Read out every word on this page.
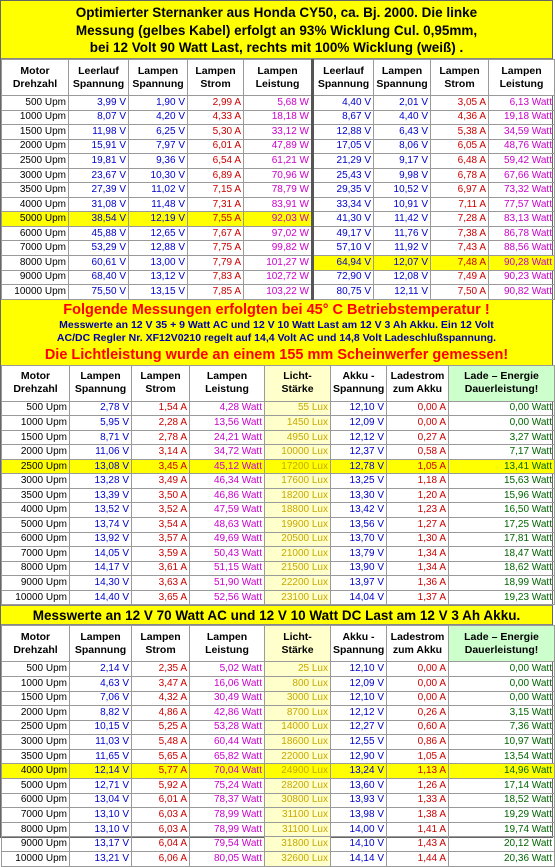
Optimierter Sternanker aus Honda CY50, ca. Bj. 2000. Die linke
Messung (gelbes Kabel) erfolgt an 93% Wicklung Cul. 0,95mm,
bei 12 Volt 90 Watt Last, rechts mit 100% Wicklung (weiß) .
Motor Drehzahl	Leerlauf Spannung	Lampen Spannung	Lampen Strom	Lampen Leistung	Leerlauf Spannung	Lampen Spannung	Lampen Strom	Lampen Leistung
500 Upm	3,99 V	1,90 V	2,99 A	5,68 W	4,40 V	2,01 V	3,05 A	6,13 Watt
1000 Upm	8,07 V	4,20 V	4,33 A	18,18 W	8,67 V	4,40 V	4,36 A	19,18 Watt
1500 Upm	11,98 V	6,25 V	5,30 A	33,12 W	12,88 V	6,43 V	5,38 A	34,59 Watt
2000 Upm	15,91 V	7,97 V	6,01 A	47,89 W	17,05 V	8,06 V	6,05 A	48,76 Watt
2500 Upm	19,81 V	9,36 V	6,54 A	61,21 W	21,29 V	9,17 V	6,48 A	59,42 Watt
3000 Upm	23,67 V	10,30 V	6,89 A	70,96 W	25,43 V	9,98 V	6,78 A	67,66 Watt
3500 Upm	27,39 V	11,02 V	7,15 A	78,79 W	29,35 V	10,52 V	6,97 A	73,32 Watt
4000 Upm	31,08 V	11,48 V	7,31 A	83,91 W	33,34 V	10,91 V	7,11 A	77,57 Watt
5000 Upm	38,54 V	12,19 V	7,55 A	92,03 W	41,30 V	11,42 V	7,28 A	83,13 Watt
6000 Upm	45,88 V	12,65 V	7,67 A	97,02 W	49,17 V	11,76 V	7,38 A	86,78 Watt
7000 Upm	53,29 V	12,88 V	7,75 A	99,82 W	57,10 V	11,92 V	7,43 A	88,56 Watt
8000 Upm	60,61 V	13,00 V	7,79 A	101,27 W	64,94 V	12,07 V	7,48 A	90,28 Watt
9000 Upm	68,40 V	13,12 V	7,83 A	102,72 W	72,90 V	12,08 V	7,49 A	90,23 Watt
10000 Upm	75,50 V	13,15 V	7,85 A	103,22 W	80,75 V	12,11 V	7,50 A	90,82 Watt
Folgende Messungen erfolgten bei 45° C Betriebstemperatur !
Messwerte an 12 V 35 + 9 Watt AC und 12 V 10 Watt Last am 12 V 3 Ah Akku. Ein 12 Volt
AC/DC Regler Nr. XF12V0210 regelt auf 14,4 Volt AC und 14,8 Volt Ladeschlußspannung.
Die Lichtleistung wurde an einem 155 mm Scheinwerfer gemessen!
Motor Drehzahl	Lampen Spannung	Lampen Strom	Lampen Leistung	Licht- Stärke	Akku - Spannung	Ladestrom zum Akku	Lade – Energie Dauerleistung!
500 Upm	2,78 V	1,54 A	4,28 Watt	55 Lux	12,10 V	0,00 A	0,00 Watt
1000 Upm	5,95 V	2,28 A	13,56 Watt	1450 Lux	12,09 V	0,00 A	0,00 Watt
1500 Upm	8,71 V	2,78 A	24,21 Watt	4950 Lux	12,12 V	0,27 A	3,27 Watt
2000 Upm	11,06 V	3,14 A	34,72 Watt	10000 Lux	12,37 V	0,58 A	7,17 Watt
2500 Upm	13,08 V	3,45 A	45,12 Watt	17200 Lux	12,78 V	1,05 A	13,41 Watt
3000 Upm	13,28 V	3,49 A	46,34 Watt	17600 Lux	13,25 V	1,18 A	15,63 Watt
3500 Upm	13,39 V	3,50 A	46,86 Watt	18200 Lux	13,30 V	1,20 A	15,96 Watt
4000 Upm	13,52 V	3,52 A	47,59 Watt	18800 Lux	13,42 V	1,23 A	16,50 Watt
5000 Upm	13,74 V	3,54 A	48,63 Watt	19900 Lux	13,56 V	1,27 A	17,25 Watt
6000 Upm	13,92 V	3,57 A	49,69 Watt	20500 Lux	13,70 V	1,30 A	17,81 Watt
7000 Upm	14,05 V	3,59 A	50,43 Watt	21000 Lux	13,79 V	1,34 A	18,47 Watt
8000 Upm	14,17 V	3,61 A	51,15 Watt	21500 Lux	13,90 V	1,34 A	18,62 Watt
9000 Upm	14,30 V	3,63 A	51,90 Watt	22200 Lux	13,97 V	1,36 A	18,99 Watt
10000 Upm	14,40 V	3,65 A	52,56 Watt	23100 Lux	14,04 V	1,37 A	19,23 Watt
Messwerte an 12 V 70 Watt AC und 12 V 10 Watt DC Last am 12 V 3 Ah Akku.
Motor Drehzahl	Lampen Spannung	Lampen Strom	Lampen Leistung	Licht- Stärke	Akku - Spannung	Ladestrom zum Akku	Lade – Energie Dauerleistung!
500 Upm	2,14 V	2,35 A	5,02 Watt	25 Lux	12,10 V	0,00 A	0,00 Watt
1000 Upm	4,63 V	3,47 A	16,06 Watt	800 Lux	12,09 V	0,00 A	0,00 Watt
1500 Upm	7,06 V	4,32 A	30,49 Watt	3000 Lux	12,10 V	0,00 A	0,00 Watt
2000 Upm	8,82 V	4,86 A	42,86 Watt	8700 Lux	12,12 V	0,26 A	3,15 Watt
2500 Upm	10,15 V	5,25 A	53,28 Watt	14000 Lux	12,27 V	0,60 A	7,36 Watt
3000 Upm	11,03 V	5,48 A	60,44 Watt	18600 Lux	12,55 V	0,86 A	10,97 Watt
3500 Upm	11,65 V	5,65 A	65,82 Watt	22000 Lux	12,90 V	1,05 A	13,54 Watt
4000 Upm	12,14 V	5,77 A	70,04 Watt	24900 Lux	13,24 V	1,13 A	14,96 Watt
5000 Upm	12,71 V	5,92 A	75,24 Watt	28200 Lux	13,60 V	1,26 A	17,14 Watt
6000 Upm	13,04 V	6,01 A	78,37 Watt	30800 Lux	13,93 V	1,33 A	18,52 Watt
7000 Upm	13,10 V	6,03 A	78,99 Watt	31100 Lux	13,98 V	1,38 A	19,29 Watt
8000 Upm	13,10 V	6,03 A	78,99 Watt	31100 Lux	14,00 V	1,41 A	19,74 Watt
9000 Upm	13,17 V	6,04 A	79,54 Watt	31800 Lux	14,10 V	1,43 A	20,12 Watt
10000 Upm	13,21 V	6,06 A	80,05 Watt	32600 Lux	14,14 V	1,44 A	20,36 Watt
